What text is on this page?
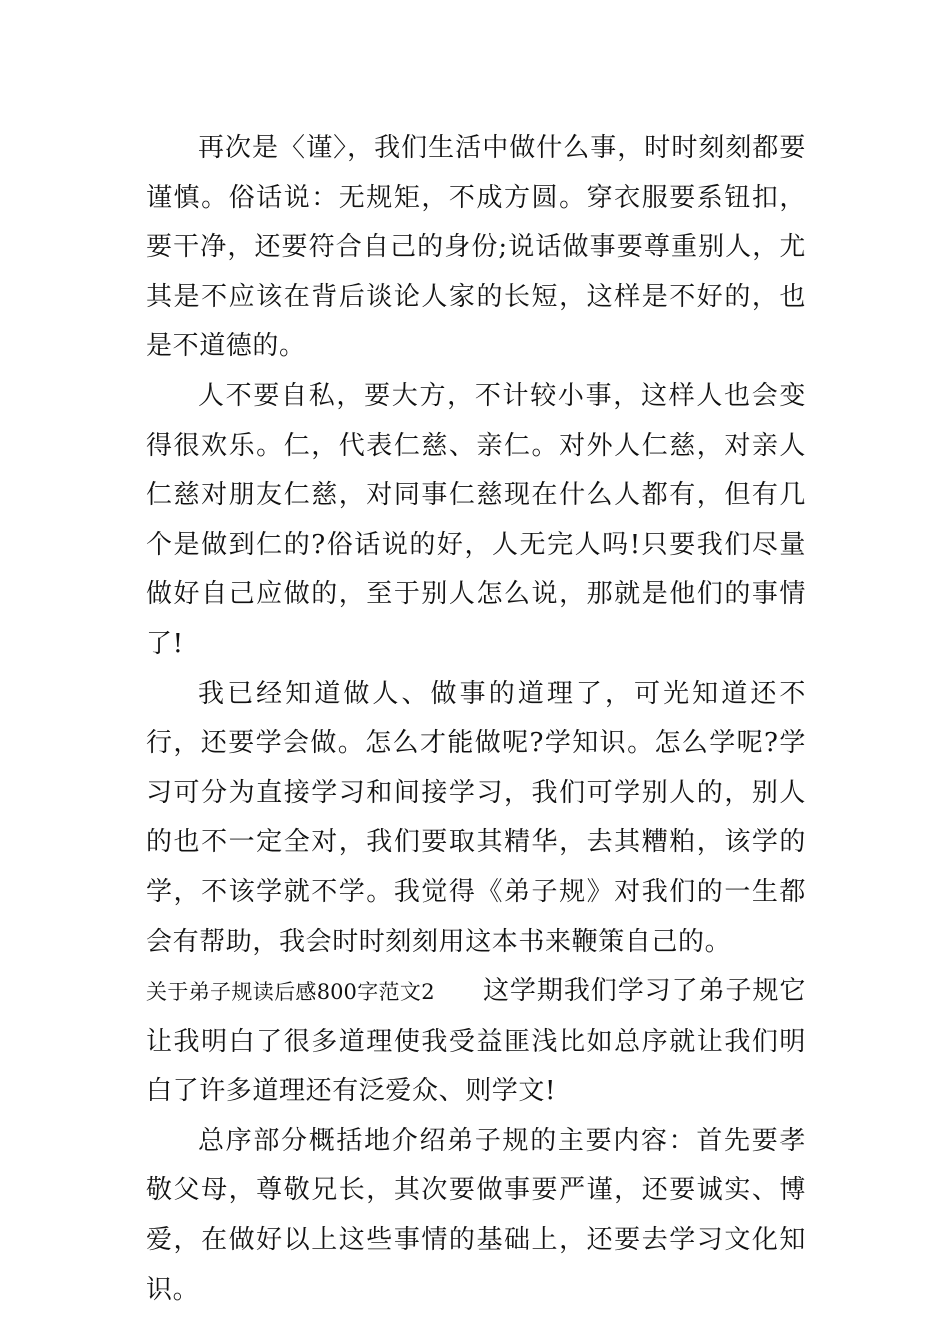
再次是〈谨〉，我们生活中做什么事，时时刻刻都要谨慎。俗话说：无规矩，不成方圆。穿衣服要系钮扣，要干净，还要符合自己的身份;说话做事要尊重别人，尤其是不应该在背后谈论人家的长短，这样是不好的，也是不道德的。

人不要自私，要大方，不计较小事，这样人也会变得很欢乐。仁，代表仁慈、亲仁。对外人仁慈，对亲人仁慈对朋友仁慈，对同事仁慈现在什么人都有，但有几个是做到仁的?俗话说的好，人无完人吗!只要我们尽量做好自己应做的，至于别人怎么说，那就是他们的事情了!

我已经知道做人、做事的道理了，可光知道还不行，还要学会做。怎么才能做呢?学知识。怎么学呢?学习可分为直接学习和间接学习，我们可学别人的，别人的也不一定全对，我们要取其精华，去其糟粕，该学的学，不该学就不学。我觉得《弟子规》对我们的一生都会有帮助，我会时时刻刻用这本书来鞭策自己的。

关于弟子规读后感800字范文2 这学期我们学习了弟子规它让我明白了很多道理使我受益匪浅比如总序就让我们明白了许多道理还有泛爱众、则学文!

总序部分概括地介绍弟子规的主要内容：首先要孝敬父母，尊敬兄长，其次要做事要严谨，还要诚实、博爱，在做好以上这些事情的基础上，还要去学习文化知识。
